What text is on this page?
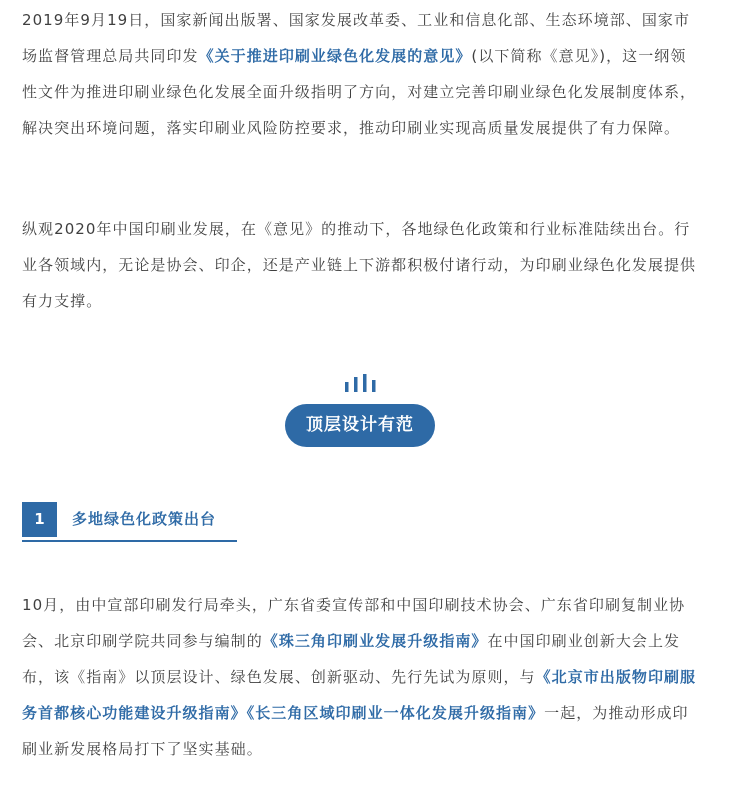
2019年9月19日，国家新闻出版署、国家发展改革委、工业和信息化部、生态环境部、国家市场监督管理总局共同印发《关于推进印刷业绿色化发展的意见》(以下简称《意见》)，这一纲领性文件为推进印刷业绿色化发展全面升级指明了方向，对建立完善印刷业绿色化发展制度体系，解决突出环境问题，落实印刷业风险防控要求，推动印刷业实现高质量发展提供了有力保障。

纵观2020年中国印刷业发展，在《意见》的推动下，各地绿色化政策和行业标准陆续出台。行业各领域内，无论是协会、印企，还是产业链上下游都积极付诸行动，为印刷业绿色化发展提供有力支撑。

顶层设计有范
1	多地绿色化政策出台

10月，由中宣部印刷发行局牵头，广东省委宣传部和中国印刷技术协会、广东省印刷复制业协会、北京印刷学院共同参与编制的《珠三角印刷业发展升级指南》在中国印刷业创新大会上发布，该《指南》以顶层设计、绿色发展、创新驱动、先行先试为原则，与《北京市出版物印刷服务首都核心功能建设升级指南》《长三角区域印刷业一体化发展升级指南》一起，为推动形成印刷业新发展格局打下了坚实基础。
